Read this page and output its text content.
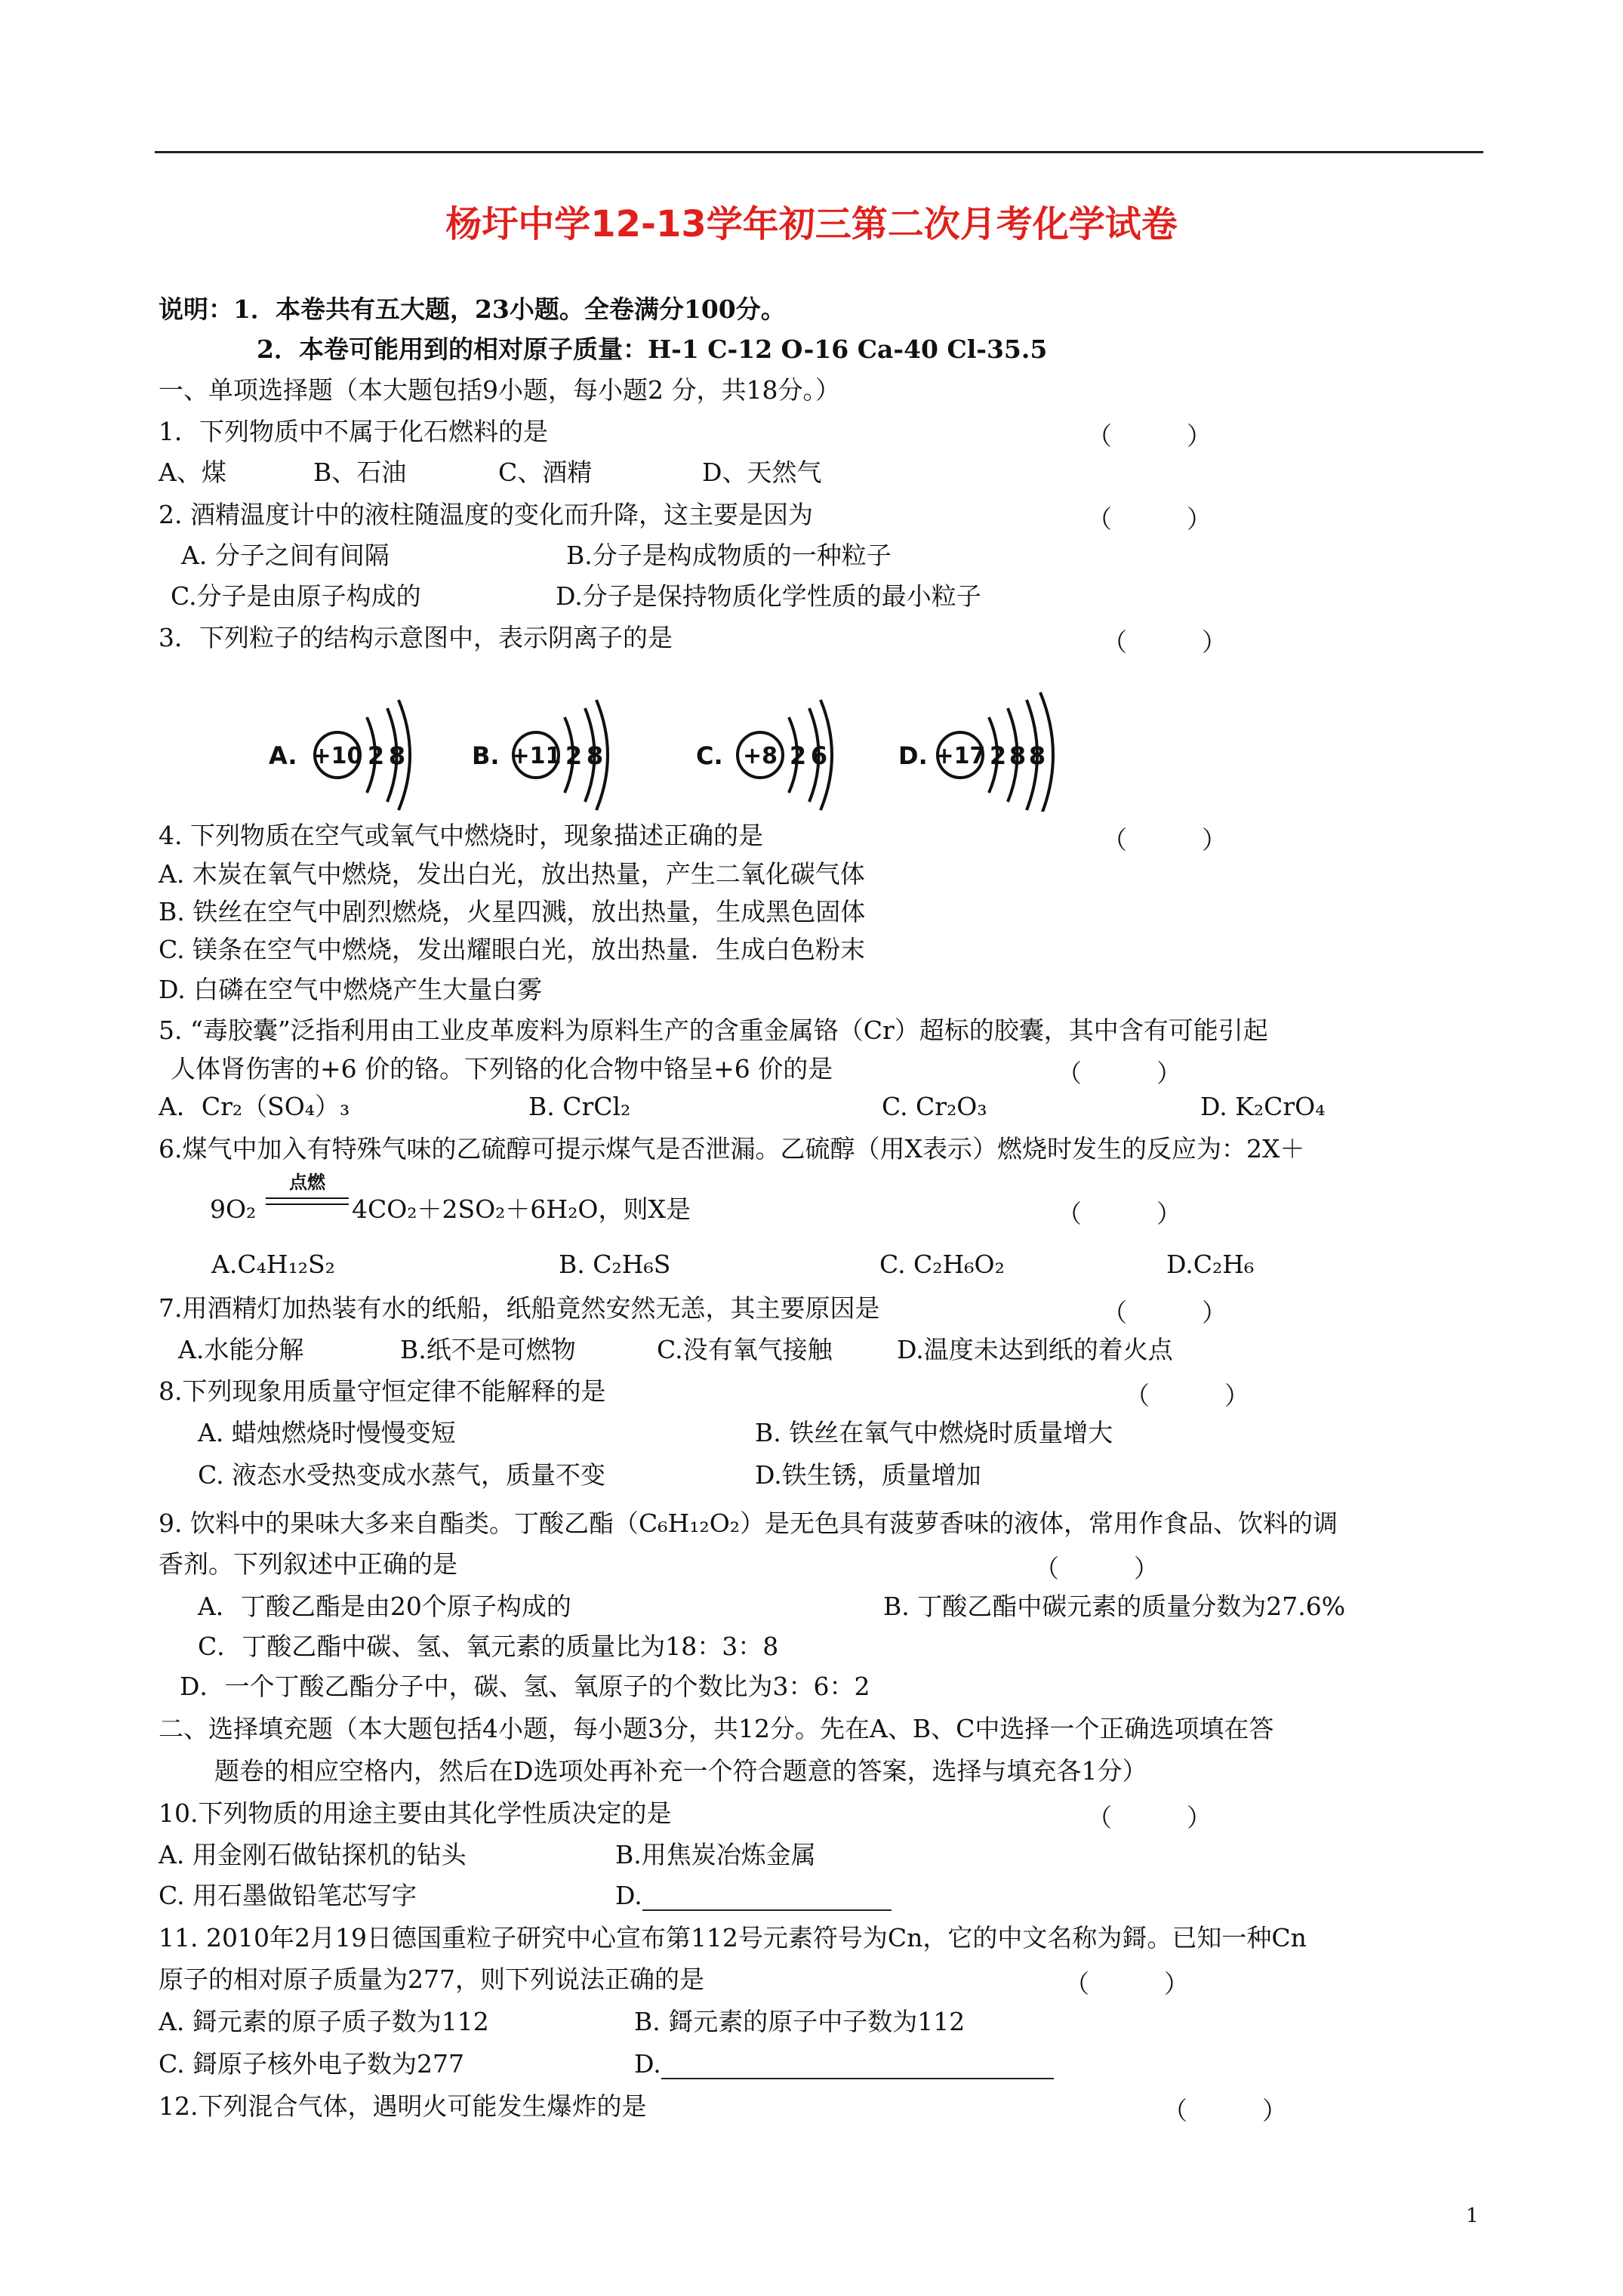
杨圩中学12-13学年初三第二次月考化学试卷
说明：1．本卷共有五大题，23小题。全卷满分100分。
2．本卷可能用到的相对原子质量：H-1 C-12 O-16 Ca-40 Cl-35.5
一、单项选择题（本大题包括9小题，每小题2 分，共18分。）
1．下列物质中不属于化石燃料的是	（　　　）
A、煤	B、石油	C、酒精	D、天然气
2. 酒精温度计中的液柱随温度的变化而升降，这主要是因为	（　　　）
A. 分子之间有间隔	B.分子是构成物质的一种粒子
C.分子是由原子构成的	D.分子是保持物质化学性质的最小粒子
3．下列粒子的结构示意图中，表示阴离子的是	（　　　）
A. +10 2 8	B. +11 2 8	C. +8 2 6	D. +17 2 8 8
4. 下列物质在空气或氧气中燃烧时，现象描述正确的是	（　　　）
A. 木炭在氧气中燃烧，发出白光，放出热量，产生二氧化碳气体
B. 铁丝在空气中剧烈燃烧，火星四溅，放出热量，生成黑色固体
C. 镁条在空气中燃烧，发出耀眼白光，放出热量．生成白色粉末
D. 白磷在空气中燃烧产生大量白雾
5. “毒胶囊”泛指利用由工业皮革废料为原料生产的含重金属铬（Cr）超标的胶囊，其中含有可能引起
人体肾伤害的+6 价的铬。下列铬的化合物中铬呈+6 价的是	（　　　）
A．Cr₂（SO₄）₃	B. CrCl₂	C. Cr₂O₃	D. K₂CrO₄
6.煤气中加入有特殊气味的乙硫醇可提示煤气是否泄漏。乙硫醇（用X表示）燃烧时发生的反应为：2X＋
9O₂
点燃
4CO₂＋2SO₂＋6H₂O，则X是	（　　　）
A.C₄H₁₂S₂	B. C₂H₆S	C. C₂H₆O₂	D.C₂H₆
7.用酒精灯加热装有水的纸船，纸船竟然安然无恙，其主要原因是	（　　　）
A.水能分解	B.纸不是可燃物	C.没有氧气接触	D.温度未达到纸的着火点
8.下列现象用质量守恒定律不能解释的是	（　　　）
A. 蜡烛燃烧时慢慢变短	B. 铁丝在氧气中燃烧时质量增大
C. 液态水受热变成水蒸气，质量不变	D.铁生锈，质量增加
9. 饮料中的果味大多来自酯类。丁酸乙酯（C₆H₁₂O₂）是无色具有菠萝香味的液体，常用作食品、饮料的调
香剂。下列叙述中正确的是	（　　　）
A．丁酸乙酯是由20个原子构成的	B. 丁酸乙酯中碳元素的质量分数为27.6%
C．丁酸乙酯中碳、氢、氧元素的质量比为18：3：8
D．一个丁酸乙酯分子中，碳、氢、氧原子的个数比为3：6：2
二、选择填充题（本大题包括4小题，每小题3分，共12分。先在A、B、C中选择一个正确选项填在答
题卷的相应空格内，然后在D选项处再补充一个符合题意的答案，选择与填充各1分）
10.下列物质的用途主要由其化学性质决定的是	（　　　）
A. 用金刚石做钻探机的钻头	B.用焦炭冶炼金属
C. 用石墨做铅笔芯写字	D.
11. 2010年2月19日德国重粒子研究中心宣布第112号元素符号为Cn，它的中文名称为鎶。已知一种Cn
原子的相对原子质量为277，则下列说法正确的是	（　　　）
A. 鎶元素的原子质子数为112	B. 鎶元素的原子中子数为112
C. 鎶原子核外电子数为277	D.
12.下列混合气体，遇明火可能发生爆炸的是	（　　　）
1
